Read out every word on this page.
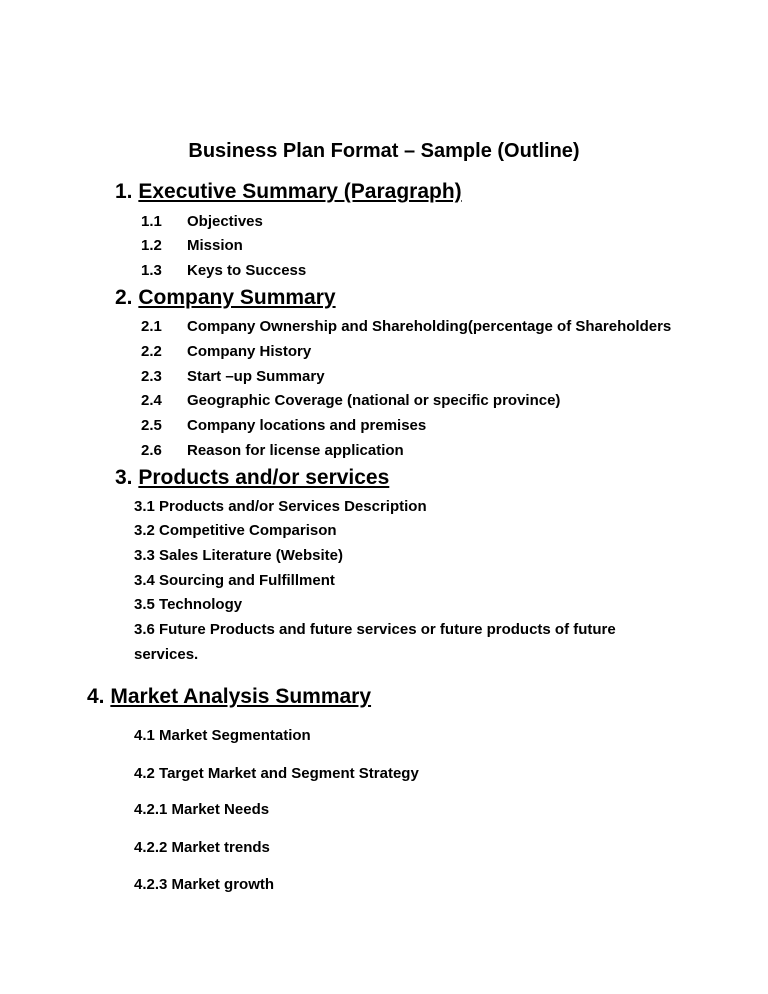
Business Plan Format – Sample (Outline)
1. Executive Summary (Paragraph)
1.1 Objectives
1.2 Mission
1.3 Keys to Success
2. Company Summary
2.1 Company Ownership and Shareholding(percentage of Shareholders
2.2 Company History
2.3 Start –up Summary
2.4 Geographic Coverage (national or specific province)
2.5 Company locations and premises
2.6 Reason for license application
3. Products and/or services
3.1 Products and/or Services Description
3.2 Competitive Comparison
3.3 Sales Literature (Website)
3.4 Sourcing and Fulfillment
3.5 Technology
3.6 Future Products and future services or future products of future
services.
4. Market Analysis Summary
4.1 Market Segmentation
4.2 Target Market and Segment Strategy
4.2.1 Market Needs
4.2.2 Market trends
4.2.3 Market growth
